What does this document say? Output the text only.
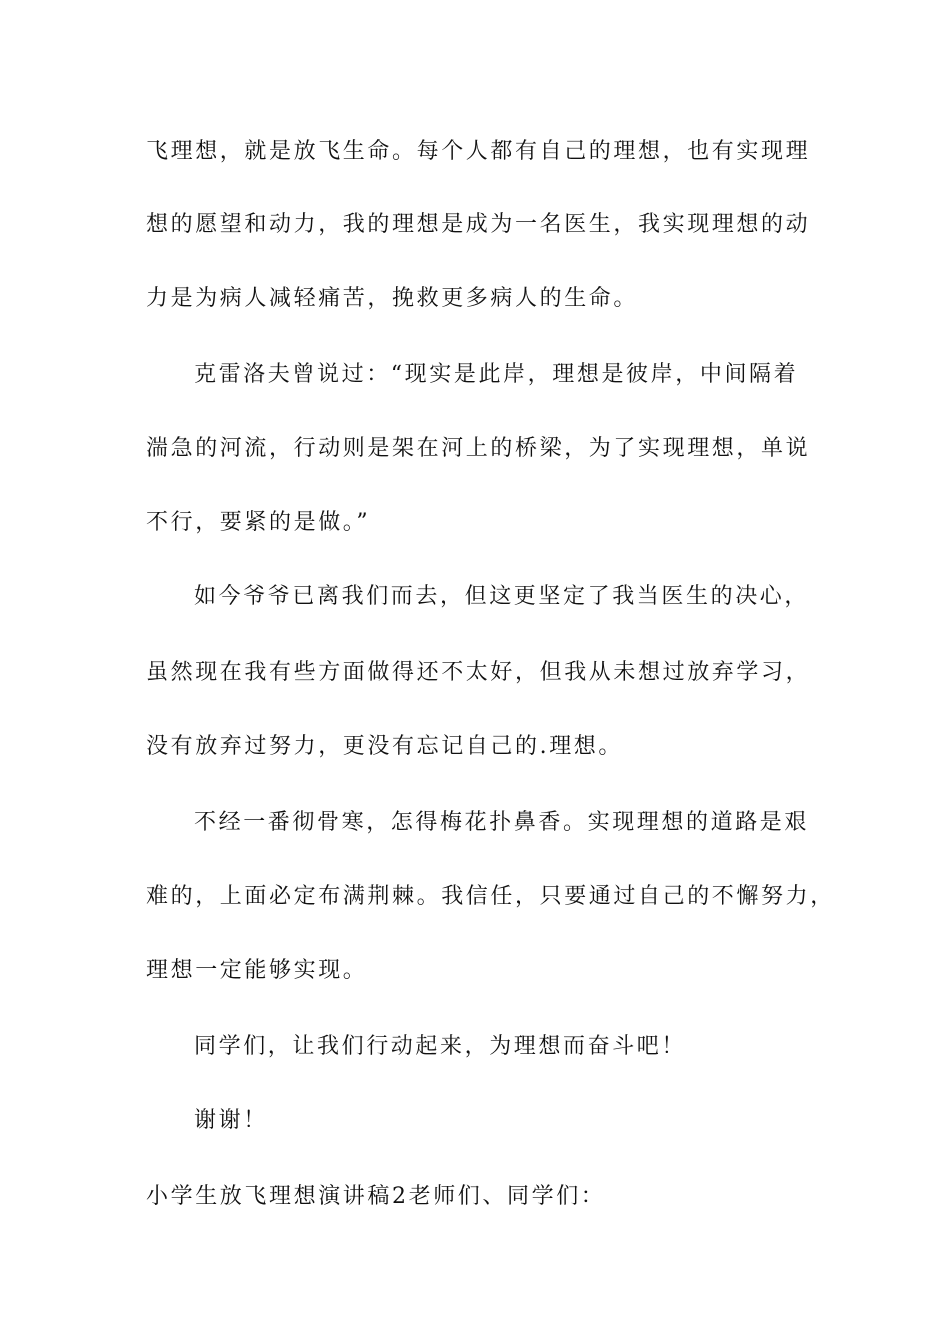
飞理想，就是放飞生命。每个人都有自己的理想，也有实现理

想的愿望和动力，我的理想是成为一名医生，我实现理想的动

力是为病人减轻痛苦，挽救更多病人的生命。

克雷洛夫曾说过：“现实是此岸，理想是彼岸，中间隔着

湍急的河流，行动则是架在河上的桥梁，为了实现理想，单说

不行，要紧的是做。”

如今爷爷已离我们而去，但这更坚定了我当医生的决心，

虽然现在我有些方面做得还不太好，但我从未想过放弃学习，

没有放弃过努力，更没有忘记自己的.理想。

不经一番彻骨寒，怎得梅花扑鼻香。实现理想的道路是艰

难的，上面必定布满荆棘。我信任，只要通过自己的不懈努力，

理想一定能够实现。

同学们，让我们行动起来，为理想而奋斗吧！

谢谢！

小学生放飞理想演讲稿2老师们、同学们：
